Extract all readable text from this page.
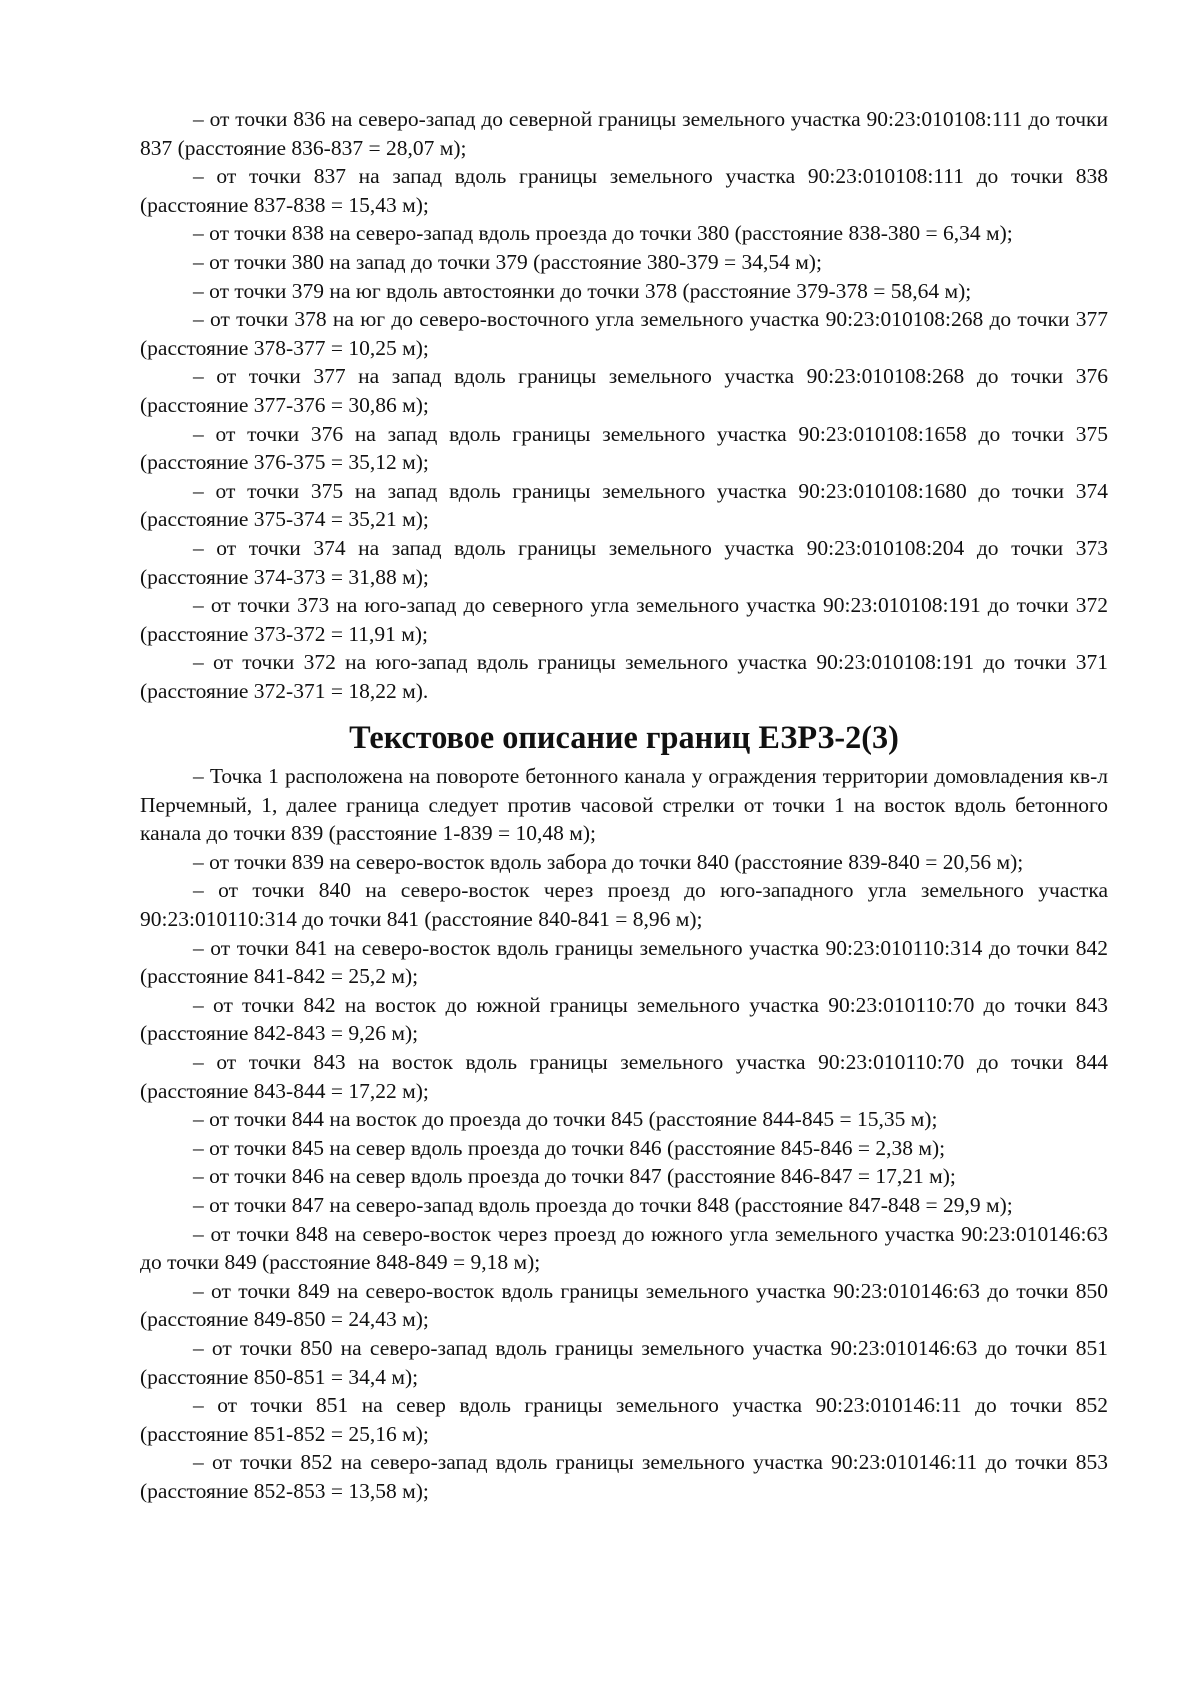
– от точки 836 на северо-запад до северной границы земельного участка 90:23:010108:111 до точки 837 (расстояние 836-837 = 28,07 м);

– от точки 837 на запад вдоль границы земельного участка 90:23:010108:111 до точки 838 (расстояние 837-838 = 15,43 м);

– от точки 838 на северо-запад вдоль проезда до точки 380 (расстояние 838-380 = 6,34 м);

– от точки 380 на запад до точки 379 (расстояние 380-379 = 34,54 м);

– от точки 379 на юг вдоль автостоянки до точки 378 (расстояние 379-378 = 58,64 м);

– от точки 378 на юг до северо-восточного угла земельного участка 90:23:010108:268 до точки 377 (расстояние 378-377 = 10,25 м);

– от точки 377 на запад вдоль границы земельного участка 90:23:010108:268 до точки 376 (расстояние 377-376 = 30,86 м);

– от точки 376 на запад вдоль границы земельного участка 90:23:010108:1658 до точки 375 (расстояние 376-375 = 35,12 м);

– от точки 375 на запад вдоль границы земельного участка 90:23:010108:1680 до точки 374 (расстояние 375-374 = 35,21 м);

– от точки 374 на запад вдоль границы земельного участка 90:23:010108:204 до точки 373 (расстояние 374-373 = 31,88 м);

– от точки 373 на юго-запад до северного угла земельного участка 90:23:010108:191 до точки 372 (расстояние 373-372 = 11,91 м);

– от точки 372 на юго-запад вдоль границы земельного участка 90:23:010108:191 до точки 371 (расстояние 372-371 = 18,22 м).

Текстовое описание границ ЕЗРЗ-2(3)

– Точка 1 расположена на повороте бетонного канала у ограждения территории домовладения кв-л Перчемный, 1, далее граница следует против часовой стрелки от точки 1 на восток вдоль бетонного канала до точки 839 (расстояние 1-839 = 10,48 м);

– от точки 839 на северо-восток вдоль забора до точки 840 (расстояние 839-840 = 20,56 м);

– от точки 840 на северо-восток через проезд до юго-западного угла земельного участка 90:23:010110:314 до точки 841 (расстояние 840-841 = 8,96 м);

– от точки 841 на северо-восток вдоль границы земельного участка 90:23:010110:314 до точки 842 (расстояние 841-842 = 25,2 м);

– от точки 842 на восток до южной границы земельного участка 90:23:010110:70 до точки 843 (расстояние 842-843 = 9,26 м);

– от точки 843 на восток вдоль границы земельного участка 90:23:010110:70 до точки 844 (расстояние 843-844 = 17,22 м);

– от точки 844 на восток до проезда до точки 845 (расстояние 844-845 = 15,35 м);

– от точки 845 на север вдоль проезда до точки 846 (расстояние 845-846 = 2,38 м);

– от точки 846 на север вдоль проезда до точки 847 (расстояние 846-847 = 17,21 м);

– от точки 847 на северо-запад вдоль проезда до точки 848 (расстояние 847-848 = 29,9 м);

– от точки 848 на северо-восток через проезд до южного угла земельного участка 90:23:010146:63 до точки 849 (расстояние 848-849 = 9,18 м);

– от точки 849 на северо-восток вдоль границы земельного участка 90:23:010146:63 до точки 850 (расстояние 849-850 = 24,43 м);

– от точки 850 на северо-запад вдоль границы земельного участка 90:23:010146:63 до точки 851 (расстояние 850-851 = 34,4 м);

– от точки 851 на север вдоль границы земельного участка 90:23:010146:11 до точки 852 (расстояние 851-852 = 25,16 м);

– от точки 852 на северо-запад вдоль границы земельного участка 90:23:010146:11 до точки 853 (расстояние 852-853 = 13,58 м);
